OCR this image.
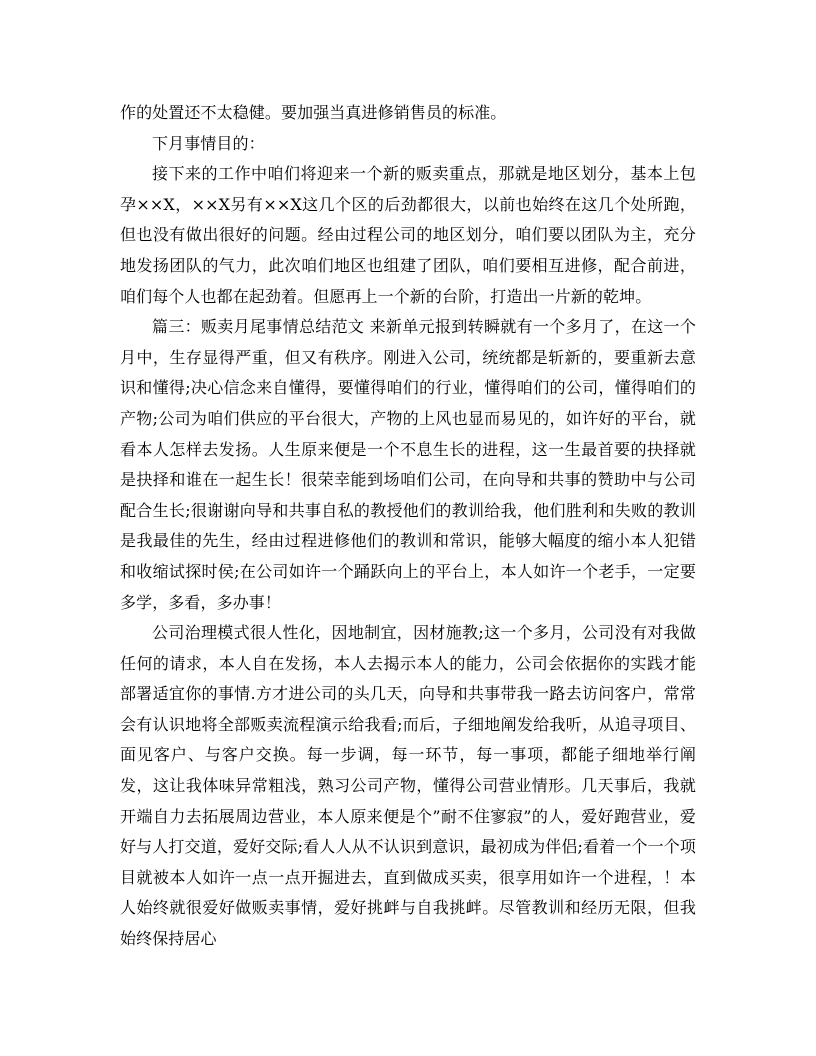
作的处置还不太稳健。要加强当真进修销售员的标准。

下月事情目的：

接下来的工作中咱们将迎来一个新的贩卖重点，那就是地区划分，基本上包孕××X，××X另有××X这几个区的后劲都很大，以前也始终在这几个处所跑，但也没有做出很好的问题。经由过程公司的地区划分，咱们要以团队为主，充分地发扬团队的气力，此次咱们地区也组建了团队，咱们要相互进修，配合前进，咱们每个人也都在起劲着。但愿再上一个新的台阶，打造出一片新的乾坤。

篇三：贩卖月尾事情总结范文 来新单元报到转瞬就有一个多月了，在这一个月中，生存显得严重，但又有秩序。刚进入公司，统统都是斩新的，要重新去意识和懂得;决心信念来自懂得，要懂得咱们的行业，懂得咱们的公司，懂得咱们的产物;公司为咱们供应的平台很大，产物的上风也显而易见的，如许好的平台，就看本人怎样去发扬。人生原来便是一个不息生长的进程，这一生最首要的抉择就是抉择和谁在一起生长！很荣幸能到场咱们公司，在向导和共事的赞助中与公司配合生长;很谢谢向导和共事自私的教授他们的教训给我，他们胜利和失败的教训是我最佳的先生，经由过程进修他们的教训和常识，能够大幅度的缩小本人犯错和收缩试探时侯;在公司如许一个踊跃向上的平台上，本人如许一个老手，一定要多学，多看，多办事！

公司治理模式很人性化，因地制宜，因材施教;这一个多月，公司没有对我做任何的请求，本人自在发扬，本人去揭示本人的能力，公司会依据你的实践才能部署适宜你的事情.方才进公司的头几天，向导和共事带我一路去访问客户，常常会有认识地将全部贩卖流程演示给我看;而后，子细地阐发给我听，从追寻项目、面见客户、与客户交换。每一步调，每一环节，每一事项，都能子细地举行阐发，这让我体味异常粗浅，熟习公司产物，懂得公司营业情形。几天事后，我就开端自力去拓展周边营业，本人原来便是个”耐不住寥寂”的人，爱好跑营业，爱好与人打交道，爱好交际;看人人从不认识到意识，最初成为伴侣;看着一个一个项目就被本人如许一点一点开掘进去，直到做成买卖，很享用如许一个进程，！本人始终就很爱好做贩卖事情，爱好挑衅与自我挑衅。尽管教训和经历无限，但我始终保持居心
